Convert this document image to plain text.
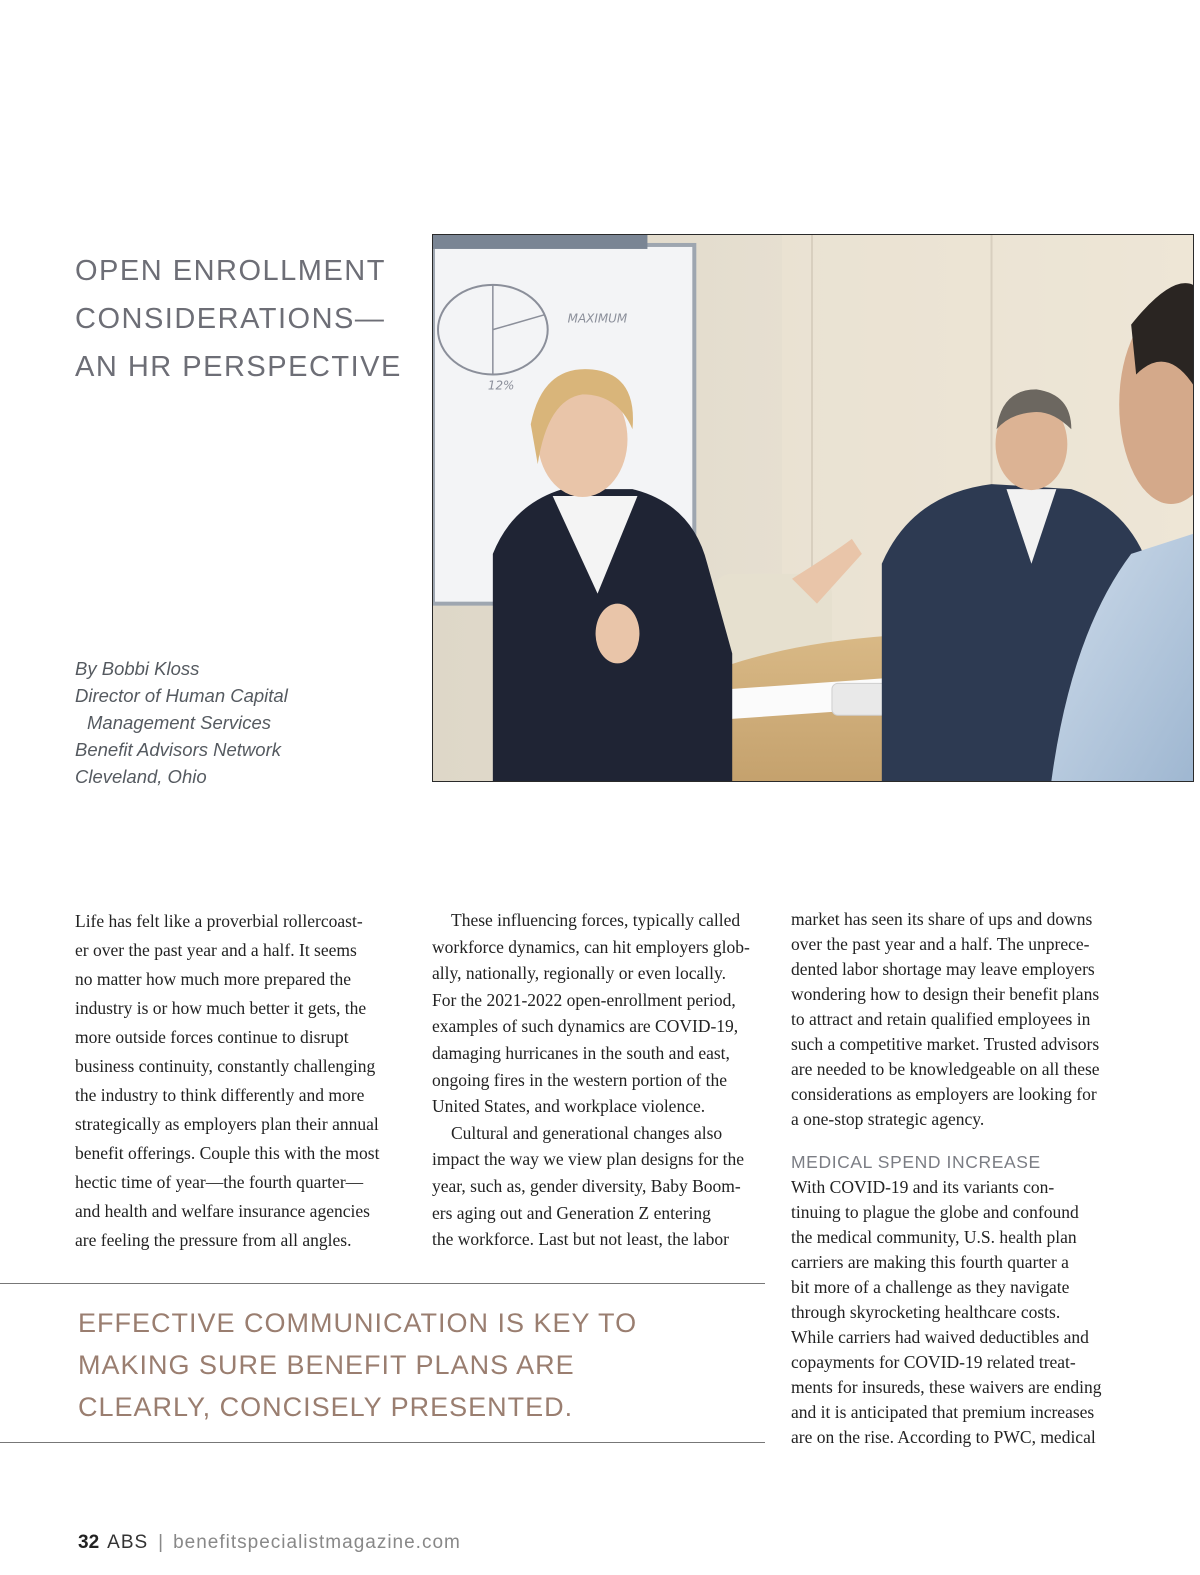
OPEN ENROLLMENT
CONSIDERATIONS—
AN HR PERSPECTIVE
By Bobbi Kloss
Director of Human Capital
Management Services
Benefit Advisors Network
Cleveland, Ohio
MAXIMUM
12%

Life has felt like a proverbial rollercoast-
er over the past year and a half. It seems
no matter how much more prepared the
industry is or how much better it gets, the
more outside forces continue to disrupt
business continuity, constantly challenging
the industry to think differently and more
strategically as employers plan their annual
benefit offerings. Couple this with the most
hectic time of year—the fourth quarter—
and health and welfare insurance agencies
are feeling the pressure from all angles.

These influencing forces, typically called
workforce dynamics, can hit employers glob-
ally, nationally, regionally or even locally.
For the 2021-2022 open-enrollment period,
examples of such dynamics are COVID-19,
damaging hurricanes in the south and east,
ongoing fires in the western portion of the
United States, and workplace violence.

Cultural and generational changes also
impact the way we view plan designs for the
year, such as, gender diversity, Baby Boom-
ers aging out and Generation Z entering
the workforce. Last but not least, the labor

market has seen its share of ups and downs
over the past year and a half. The unprece-
dented labor shortage may leave employers
wondering how to design their benefit plans
to attract and retain qualified employees in
such a competitive market. Trusted advisors
are needed to be knowledgeable on all these
considerations as employers are looking for
a one-stop strategic agency.

MEDICAL SPEND INCREASE

With COVID-19 and its variants con-
tinuing to plague the globe and confound
the medical community, U.S. health plan
carriers are making this fourth quarter a
bit more of a challenge as they navigate
through skyrocketing healthcare costs.
While carriers had waived deductibles and
copayments for COVID-19 related treat-
ments for insureds, these waivers are ending
and it is anticipated that premium increases
are on the rise. According to PWC, medical

EFFECTIVE COMMUNICATION IS KEY TO
MAKING SURE BENEFIT PLANS ARE
CLEARLY, CONCISELY PRESENTED.
32 ABS | benefitspecialistmagazine.com
